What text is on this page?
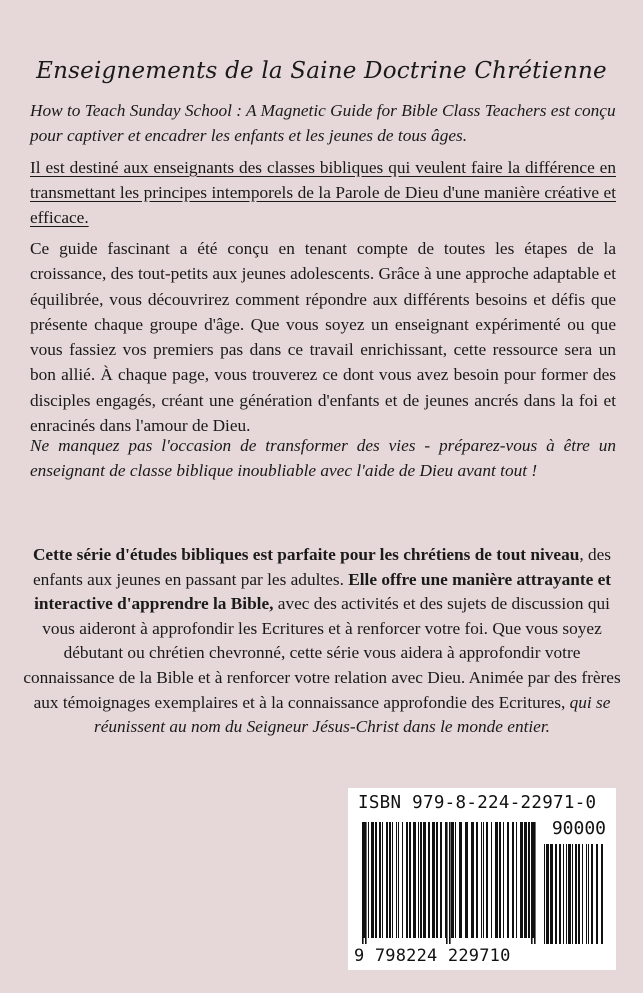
Enseignements de la Saine Doctrine Chrétienne

How to Teach Sunday School : A Magnetic Guide for Bible Class Teachers est conçu pour captiver et encadrer les enfants et les jeunes de tous âges.

Il est destiné aux enseignants des classes bibliques qui veulent faire la différence en transmettant les principes intemporels de la Parole de Dieu d'une manière créative et efficace.

Ce guide fascinant a été conçu en tenant compte de toutes les étapes de la croissance, des tout-petits aux jeunes adolescents. Grâce à une approche adaptable et équilibrée, vous découvrirez comment répondre aux différents besoins et défis que présente chaque groupe d'âge. Que vous soyez un enseignant expérimenté ou que vous fassiez vos premiers pas dans ce travail enrichissant, cette ressource sera un bon allié. À chaque page, vous trouverez ce dont vous avez besoin pour former des disciples engagés, créant une génération d'enfants et de jeunes ancrés dans la foi et enracinés dans l'amour de Dieu.

Ne manquez pas l'occasion de transformer des vies - préparez-vous à être un enseignant de classe biblique inoubliable avec l'aide de Dieu avant tout !

Cette série d'études bibliques est parfaite pour les chrétiens de tout niveau, des enfants aux jeunes en passant par les adultes. Elle offre une manière attrayante et interactive d'apprendre la Bible, avec des activités et des sujets de discussion qui vous aideront à approfondir les Ecritures et à renforcer votre foi. Que vous soyez débutant ou chrétien chevronné, cette série vous aidera à approfondir votre connaissance de la Bible et à renforcer votre relation avec Dieu. Animée par des frères aux témoignages exemplaires et à la connaissance approfondie des Ecritures, qui se réunissent au nom du Seigneur Jésus-Christ dans le monde entier.

ISBN 979-8-224-22971-0
90000
9 798224 229710
